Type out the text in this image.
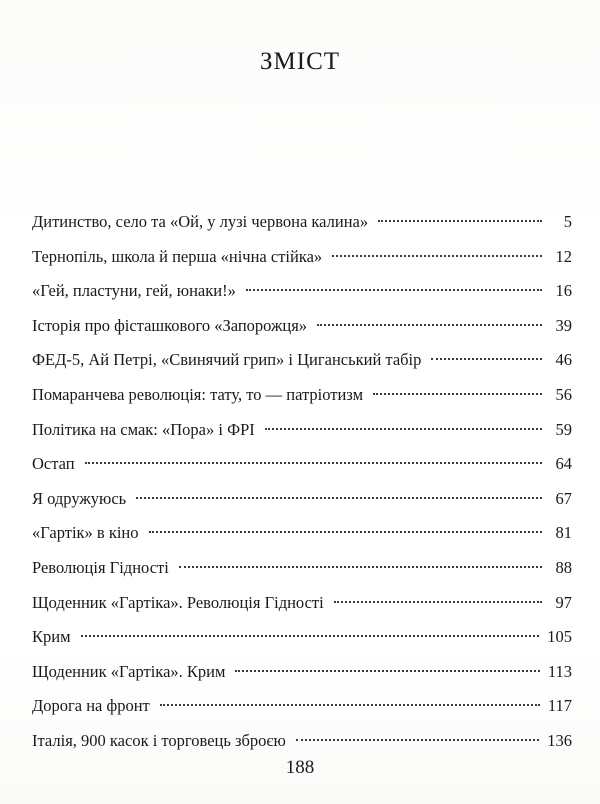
ЗМІСТ
Дитинство, село та «Ой, у лузі червона калина»	5
Тернопіль, школа й перша «нічна стійка»	12
«Гей, пластуни, гей, юнаки!»	16
Історія про фісташкового «Запорожця»	39
ФЕД-5, Ай Петрі, «Свинячий грип» і Циганський табір	46
Помаранчева революція: тату, то — патріотизм	56
Політика на смак: «Пора» і ФРІ	59
Остап	64
Я одружуюсь	67
«Гартік» в кіно	81
Революція Гідності	88
Щоденник «Гартіка». Революція Гідності	97
Крим	105
Щоденник «Гартіка». Крим	113
Дорога на фронт	117
Італія, 900 касок і торговець зброєю	136
188
